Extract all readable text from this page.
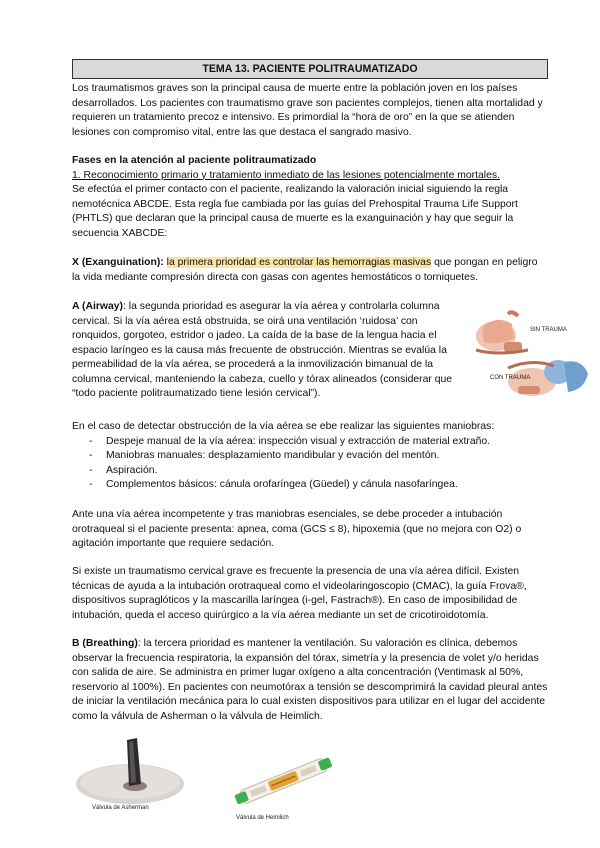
TEMA 13. PACIENTE POLITRAUMATIZADO
Los traumatismos graves son la principal causa de muerte entre la población joven en los países desarrollados. Los pacientes con traumatismo grave son pacientes complejos, tienen alta mortalidad y requieren un tratamiento precoz e intensivo. Es primordial la “hora de oro” en la que se atienden lesiones con compromiso vital, entre las que destaca el sangrado masivo.
Fases en la atención al paciente politraumatizado
1. Reconocimiento primario y tratamiento inmediato de las lesiones potencialmente mortales.
Se efectúa el primer contacto con el paciente, realizando la valoración inicial siguiendo la regla nemotécnica ABCDE. Esta regla fue cambiada por las guías del Prehospital Trauma Life Support (PHTLS) que declaran que la principal causa de muerte es la exanguinación y hay que seguir la secuencia XABCDE:
X (Exanguination): la primera prioridad es controlar las hemorragias masivas que pongan en peligro la vida mediante compresión directa con gasas con agentes hemostáticos o torniquetes.
A (Airway): la segunda prioridad es asegurar la vía aérea y controlarla columna cervical. Si la vía aérea está obstruida, se oirá una ventilación ‘ruidosa’ con ronquidos, gorgoteo, estridor o jadeo. La caída de la base de la lengua hacia el espacio laríngeo es la causa más frecuente de obstrucción. Mientras se evalúa la permeabilidad de la vía aérea, se procederá a la inmovilización bimanual de la columna cervical, manteniendo la cabeza, cuello y tórax alineados (considerar que “todo paciente politraumatizado tiene lesión cervical”).
SIN TRAUMA
CON TRAUMA
En el caso de detectar obstrucción de la vía aérea se ebe realizar las siguientes maniobras:
- Despeje manual de la vía aérea: inspección visual y extracción de material extraño.
- Maniobras manuales: desplazamiento mandibular y evación del mentón.
- Aspiración.
- Complementos básicos: cánula orofaríngea (Güedel) y cánula nasofaríngea.
Ante una vía aérea incompetente y tras maniobras esenciales, se debe proceder a intubación orotraqueal si el paciente presenta: apnea, coma (GCS ≤ 8), hipoxemia (que no mejora con O2) o agitación importante que requiere sedación.
Si existe un traumatismo cervical grave es frecuente la presencia de una vía aérea difícil. Existen técnicas de ayuda a la intubación orotraqueal como el videolaringoscopio (CMAC), la guía Frova®, dispositivos supraglóticos y la mascarilla laríngea (i-gel, Fastrach®). En caso de imposibilidad de intubación, queda el acceso quirúrgico a la vía aérea mediante un set de cricotiroidotomía.
B (Breathing): la tercera prioridad es mantener la ventilación. Su valoración es clínica, debemos observar la frecuencia respiratoria, la expansión del tórax, simetría y la presencia de volet y/o heridas con salida de aire. Se administra en primer lugar oxígeno a alta concentración (Ventimask al 50%, reservorio al 100%). En pacientes con neumotórax a tensión se descomprimirá la cavidad pleural antes de iniciar la ventilación mecánica para lo cual existen dispositivos para utilizar en el lugar del accidente como la válvula de Asherman o la válvula de Heimlich.
Válvula de Asherman
Válvula de Heimlich
